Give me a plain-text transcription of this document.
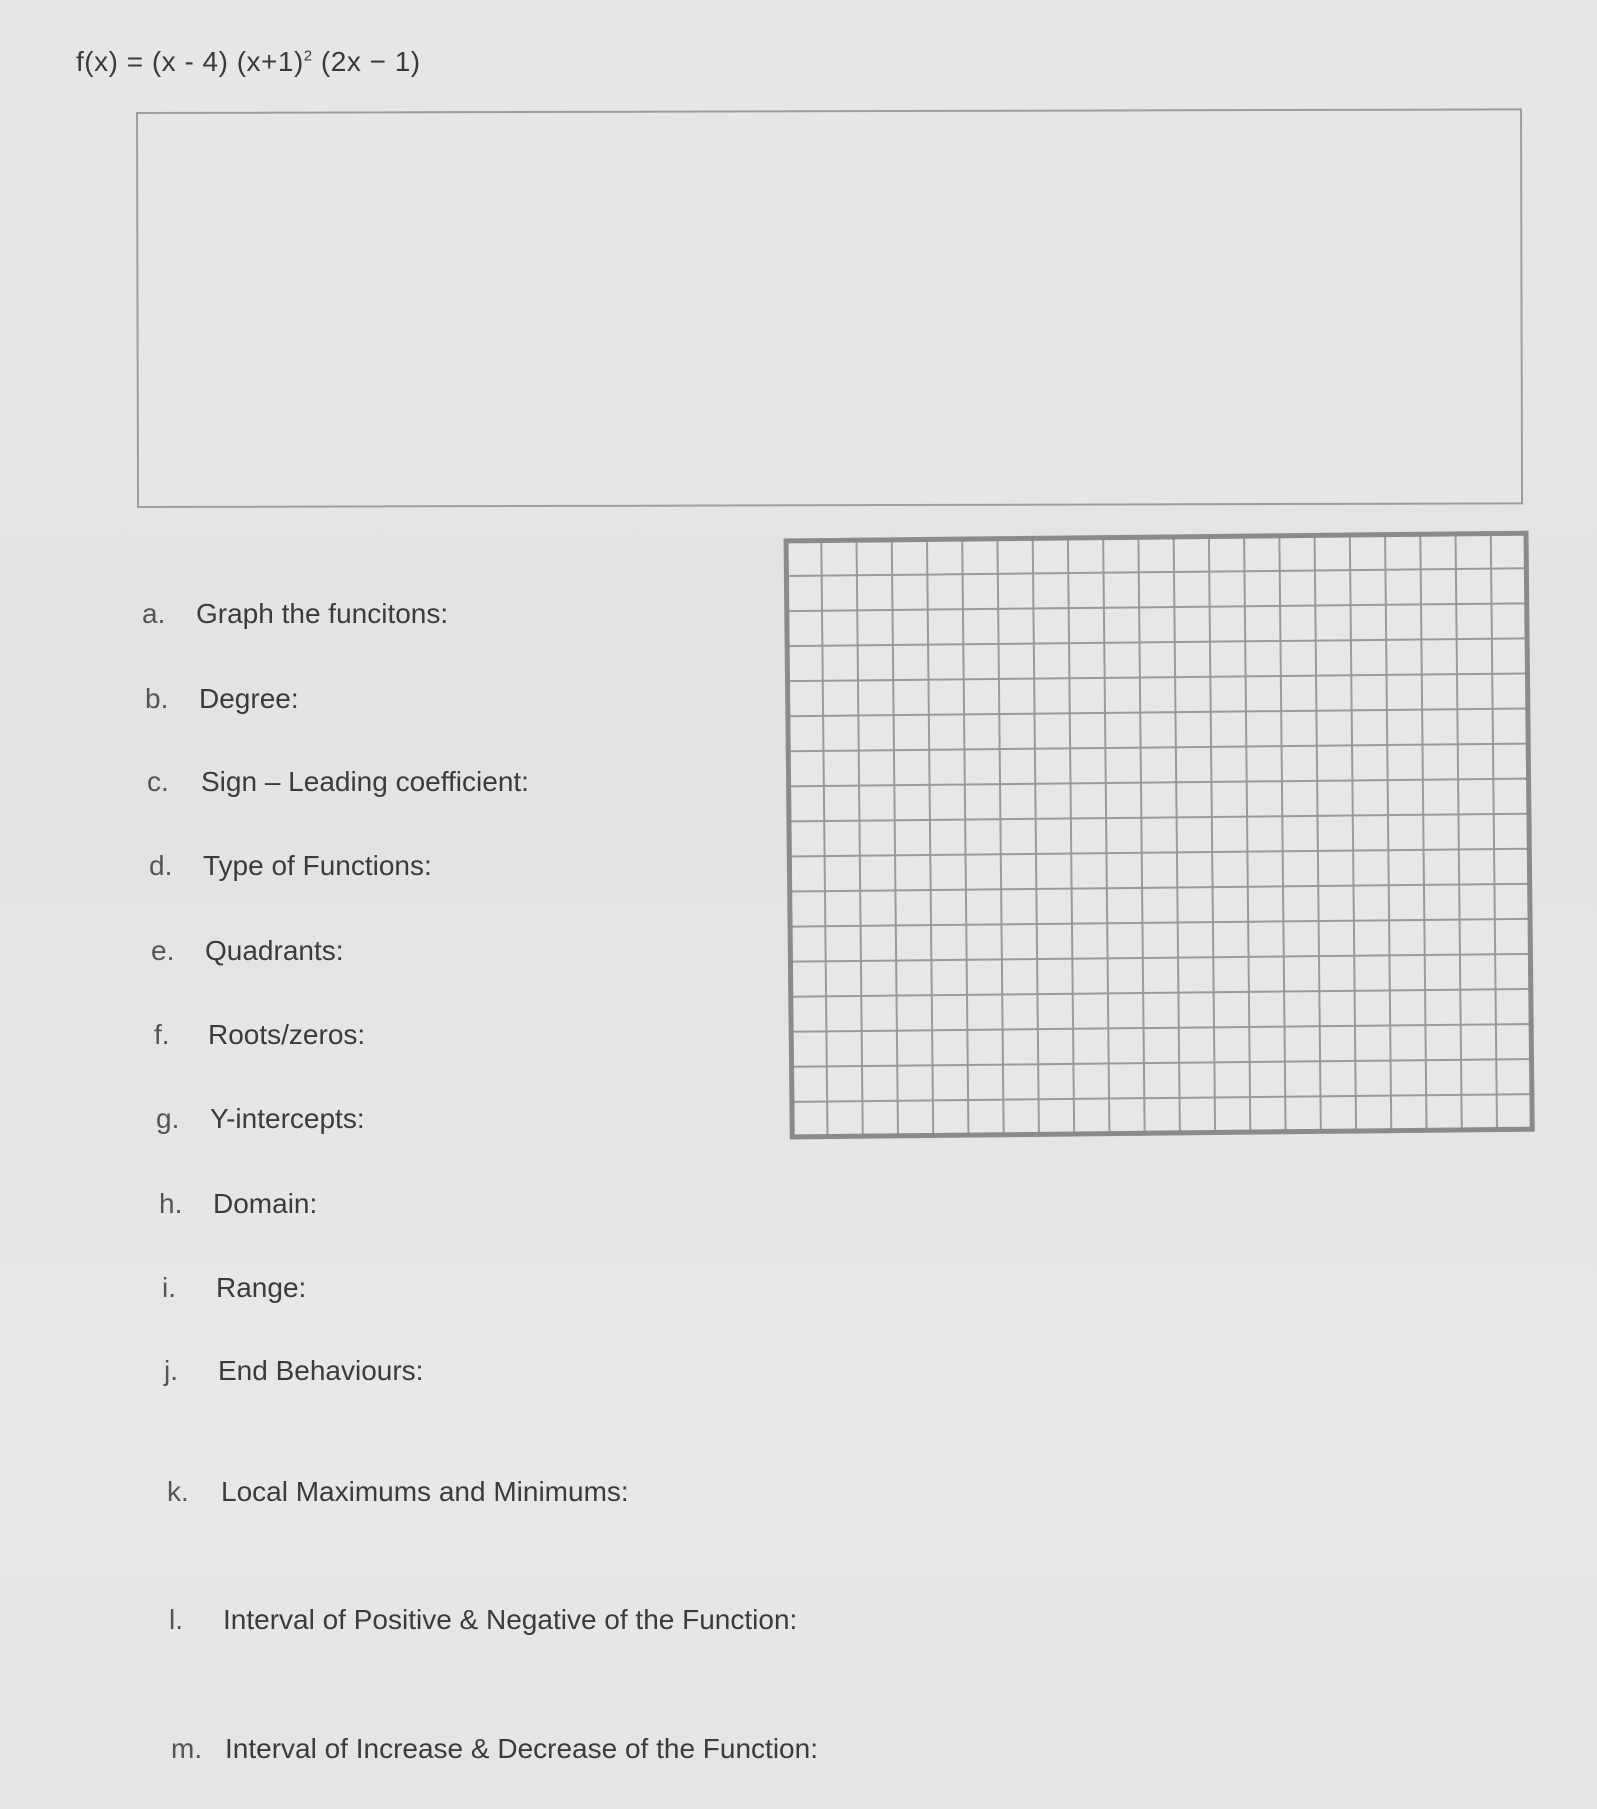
f(x) = (x - 4) $(x+1)^2$ (2x − 1)
a. Graph the funcitons:
b. Degree:
c. Sign – Leading coefficient:
d. Type of Functions:
e. Quadrants:
f. Roots/zeros:
g. Y-intercepts:
h. Domain:
i. Range:
j. End Behaviours:
k. Local Maximums and Minimums:
l. Interval of Positive & Negative of the Function:
m. Interval of Increase & Decrease of the Function:
